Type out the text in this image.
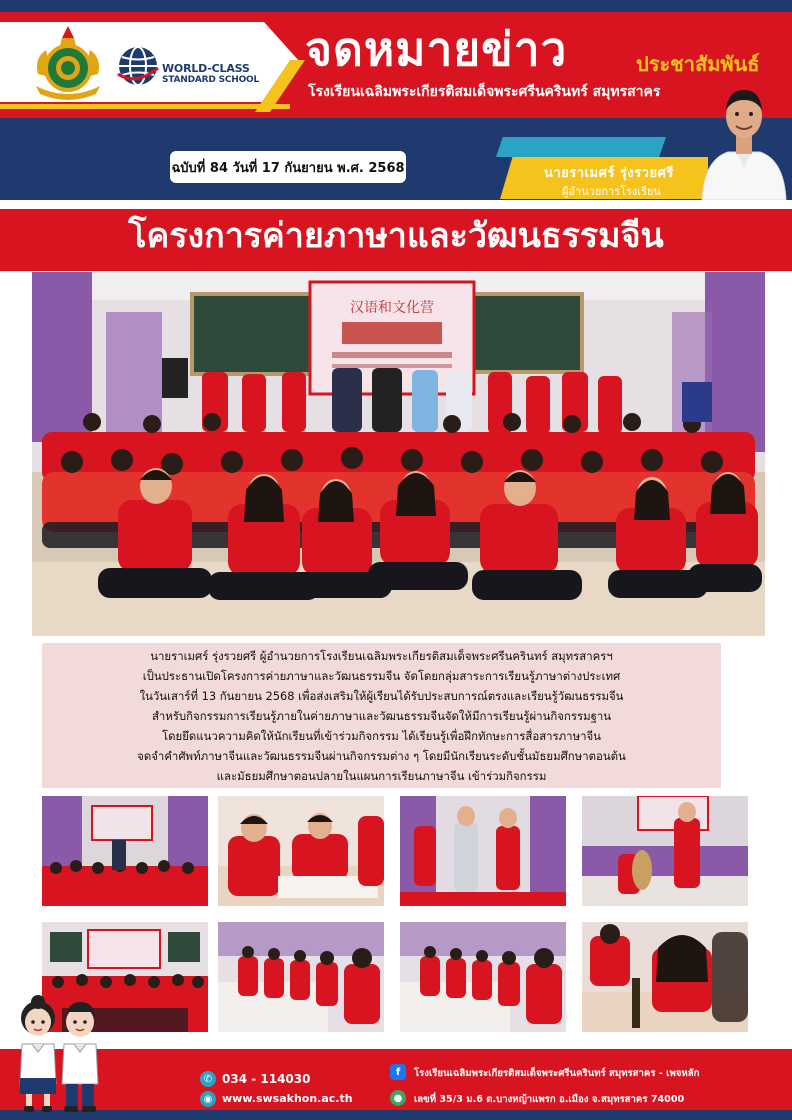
WORLD-CLASS
STANDARD SCHOOL
จดหมายข่าว	ประชาสัมพันธ์
โรงเรียนเฉลิมพระเกียรติสมเด็จพระศรีนครินทร์ สมุทรสาคร
ฉบับที่ 84 วันที่ 17 กันยายน พ.ศ. 2568	นายราเมศร์ รุ่งรวยศรี
ผู้อำนวยการโรงเรียน
โครงการค่ายภาษาและวัฒนธรรมจีน
汉语和文化营
นายราเมศร์ รุ่งรวยศรี ผู้อำนวยการโรงเรียนเฉลิมพระเกียรติสมเด็จพระศรีนครินทร์ สมุทรสาครฯ
เป็นประธานเปิดโครงการค่ายภาษาและวัฒนธรรมจีน จัดโดยกลุ่มสาระการเรียนรู้ภาษาต่างประเทศ
ในวันเสาร์ที่ 13 กันยายน 2568 เพื่อส่งเสริมให้ผู้เรียนได้รับประสบการณ์ตรงและเรียนรู้วัฒนธรรมจีน
สำหรับกิจกรรมการเรียนรู้ภายในค่ายภาษาและวัฒนธรรมจีนจัดให้มีการเรียนรู้ผ่านกิจกรรมฐาน
โดยยึดแนวความคิดให้นักเรียนที่เข้าร่วมกิจกรรม ได้เรียนรู้เพื่อฝึกทักษะการสื่อสารภาษาจีน
จดจำคำศัพท์ภาษาจีนและวัฒนธรรมจีนผ่านกิจกรรมต่าง ๆ โดยมีนักเรียนระดับชั้นมัธยมศึกษาตอนต้น
และมัธยมศึกษาตอนปลายในแผนการเรียนภาษาจีน เข้าร่วมกิจกรรม
✆ 034 - 114030
◉ www.swsakhon.ac.th
f	โรงเรียนเฉลิมพระเกียรติสมเด็จพระศรีนครินทร์ สมุทรสาคร - เพจหลัก
●	เลขที่ 35/3 ม.6 ต.บางหญ้าแพรก อ.เมือง จ.สมุทรสาคร 74000
